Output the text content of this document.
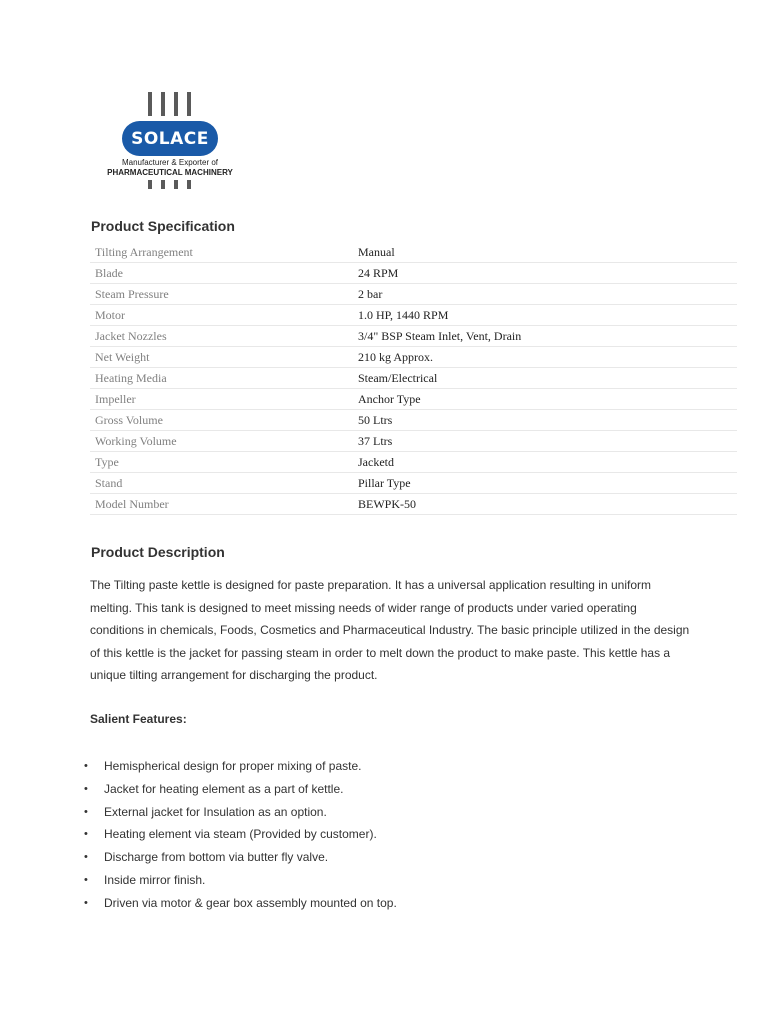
SOLACE
Manufacturer & Exporter of
PHARMACEUTICAL MACHINERY
Product Specification
Tilting Arrangement	Manual
Blade	24 RPM
Steam Pressure	2 bar
Motor	1.0 HP, 1440 RPM
Jacket Nozzles	3/4" BSP Steam Inlet, Vent, Drain
Net Weight	210 kg Approx.
Heating Media	Steam/Electrical
Impeller	Anchor Type
Gross Volume	50 Ltrs
Working Volume	37 Ltrs
Type	Jacketd
Stand	Pillar Type
Model Number	BEWPK-50
Product Description

The Tilting paste kettle is designed for paste preparation. It has a universal application resulting in uniform melting. This tank is designed to meet missing needs of wider range of products under varied operating conditions in chemicals, Foods, Cosmetics and Pharmaceutical Industry. The basic principle utilized in the design of this kettle is the jacket for passing steam in order to melt down the product to make paste. This kettle has a unique tilting arrangement for discharging the product.

Salient Features:

•	Hemispherical design for proper mixing of paste.
•	Jacket for heating element as a part of kettle.
•	External jacket for Insulation as an option.
•	Heating element via steam (Provided by customer).
•	Discharge from bottom via butter fly valve.
•	Inside mirror finish.
•	Driven via motor & gear box assembly mounted on top.
